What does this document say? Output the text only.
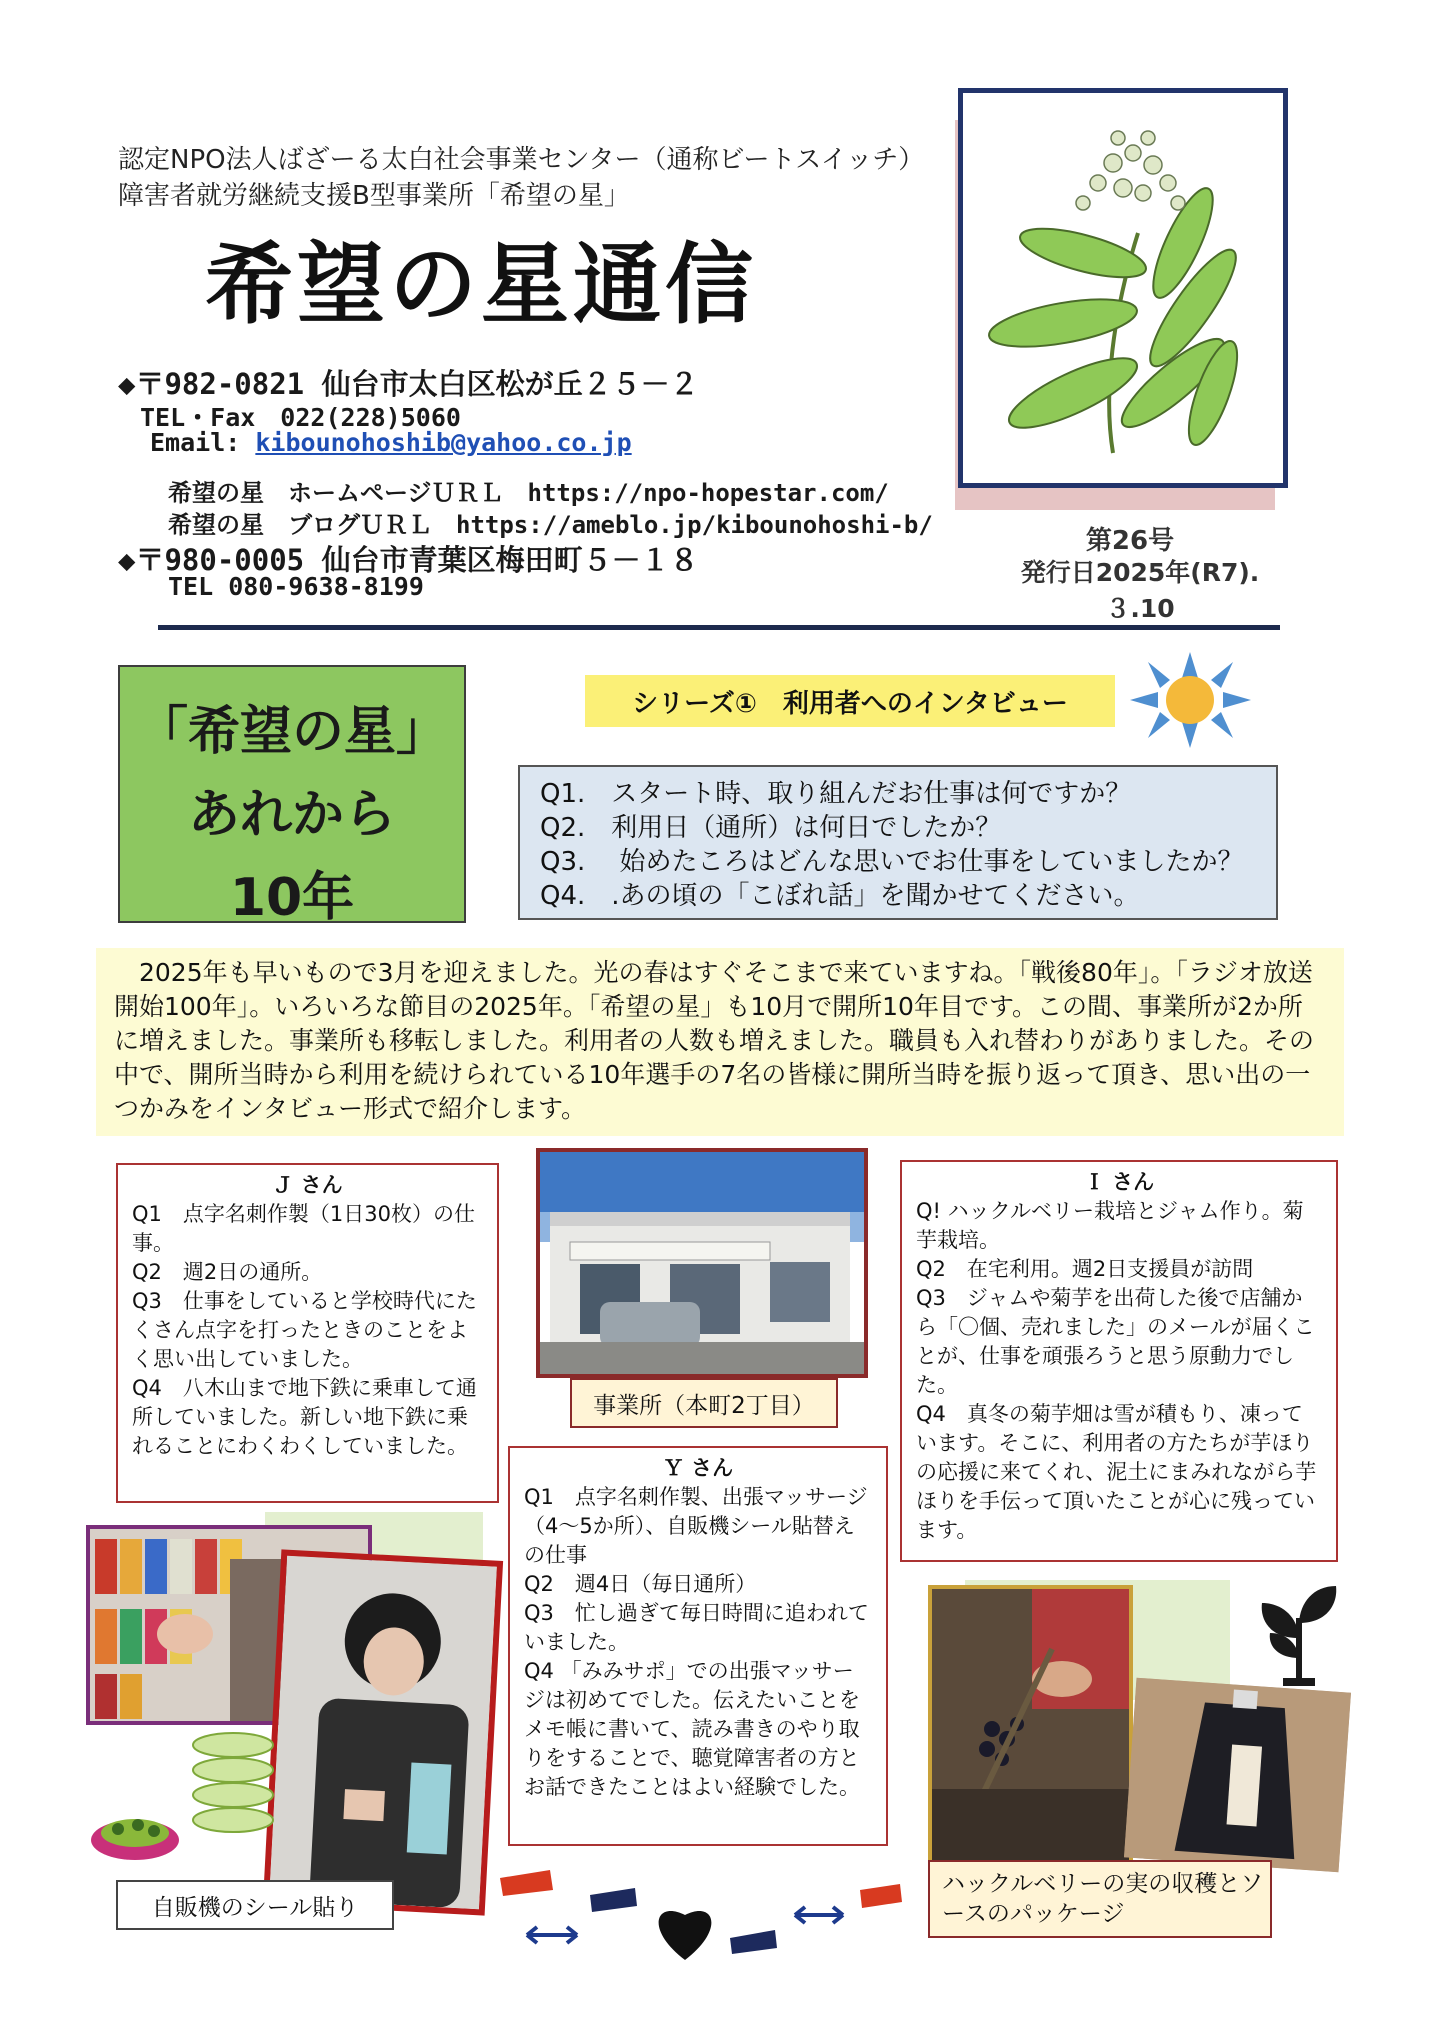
認定NPO法人ばざーる太白社会事業センター（通称ビートスイッチ）
障害者就労継続支援B型事業所「希望の星」
希望の星通信
◆〒982-0821 仙台市太白区松が丘２５－２
TEL・Fax　022(228)5060
Email: kibounohoshib@yahoo.co.jp
希望の星　ホームページＵＲＬ　https://npo-hopestar.com/
希望の星　ブログＵＲＬ　https://ameblo.jp/kibounohoshi-b/
◆〒980-0005 仙台市青葉区梅田町５－１８
TEL 080-9638-8199
第26号
発行日2025年(R7).３.10
「希望の星」
あれから
10年
シリーズ①　利用者へのインタビュー
Q1.　スタート時、取り組んだお仕事は何ですか？
Q2.　利用日（通所）は何日でしたか？
Q3.　 始めたころはどんな思いでお仕事をしていましたか？
Q4.　.あの頃の「こぼれ話」を聞かせてください。
　2025年も早いもので3月を迎えました。光の春はすぐそこまで来ていますね。「戦後80年」。「ラジオ放送開始100年」。いろいろな節目の2025年。「希望の星」も10月で開所10年目です。この間、事業所が2か所に増えました。事業所も移転しました。利用者の人数も増えました。職員も入れ替わりがありました。その中で、開所当時から利用を続けられている10年選手の7名の皆様に開所当時を振り返って頂き、思い出の一つかみをインタビュー形式で紹介します。
Ｊ さん
Q1　点字名刺作製（1日30枚）の仕事。
Q2　週2日の通所。
Q3　仕事をしていると学校時代にたくさん点字を打ったときのことをよく思い出していました。
Q4　八木山まで地下鉄に乗車して通所していました。新しい地下鉄に乗れることにわくわくしていました。
事業所（本町2丁目）
Ｉ さん
Q! ハックルベリー栽培とジャム作り。菊芋栽培。
Q2　在宅利用。週2日支援員が訪問
Q3　ジャムや菊芋を出荷した後で店舗から「〇個、売れました」のメールが届くことが、仕事を頑張ろうと思う原動力でした。
Q4　真冬の菊芋畑は雪が積もり、凍っています。そこに、利用者の方たちが芋ほりの応援に来てくれ、泥土にまみれながら芋ほりを手伝って頂いたことが心に残っています。
Ｙ さん
Q1　点字名刺作製、出張マッサージ（4～5か所）、自販機シール貼替えの仕事
Q2　週4日（毎日通所）
Q3　忙し過ぎて毎日時間に追われていました。
Q4 「みみサポ」での出張マッサージは初めてでした。伝えたいことをメモ帳に書いて、読み書きのやり取りをすることで、聴覚障害者の方とお話できたことはよい経験でした。
自販機のシール貼り
ハックルベリーの実の収穫とソースのパッケージ
